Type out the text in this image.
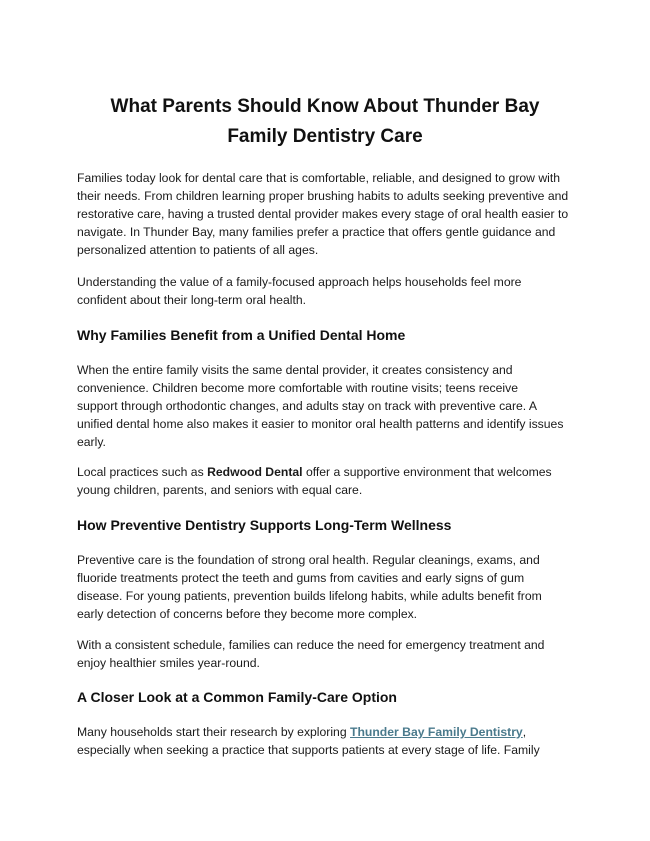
What Parents Should Know About Thunder Bay
Family Dentistry Care
Families today look for dental care that is comfortable, reliable, and designed to grow with
their needs. From children learning proper brushing habits to adults seeking preventive and
restorative care, having a trusted dental provider makes every stage of oral health easier to
navigate. In Thunder Bay, many families prefer a practice that offers gentle guidance and
personalized attention to patients of all ages.
Understanding the value of a family-focused approach helps households feel more
confident about their long-term oral health.
Why Families Benefit from a Unified Dental Home
When the entire family visits the same dental provider, it creates consistency and
convenience. Children become more comfortable with routine visits; teens receive
support through orthodontic changes, and adults stay on track with preventive care. A
unified dental home also makes it easier to monitor oral health patterns and identify issues
early.
Local practices such as Redwood Dental offer a supportive environment that welcomes
young children, parents, and seniors with equal care.
How Preventive Dentistry Supports Long-Term Wellness
Preventive care is the foundation of strong oral health. Regular cleanings, exams, and
fluoride treatments protect the teeth and gums from cavities and early signs of gum
disease. For young patients, prevention builds lifelong habits, while adults benefit from
early detection of concerns before they become more complex.
With a consistent schedule, families can reduce the need for emergency treatment and
enjoy healthier smiles year-round.
A Closer Look at a Common Family-Care Option
Many households start their research by exploring Thunder Bay Family Dentistry,
especially when seeking a practice that supports patients at every stage of life. Family
